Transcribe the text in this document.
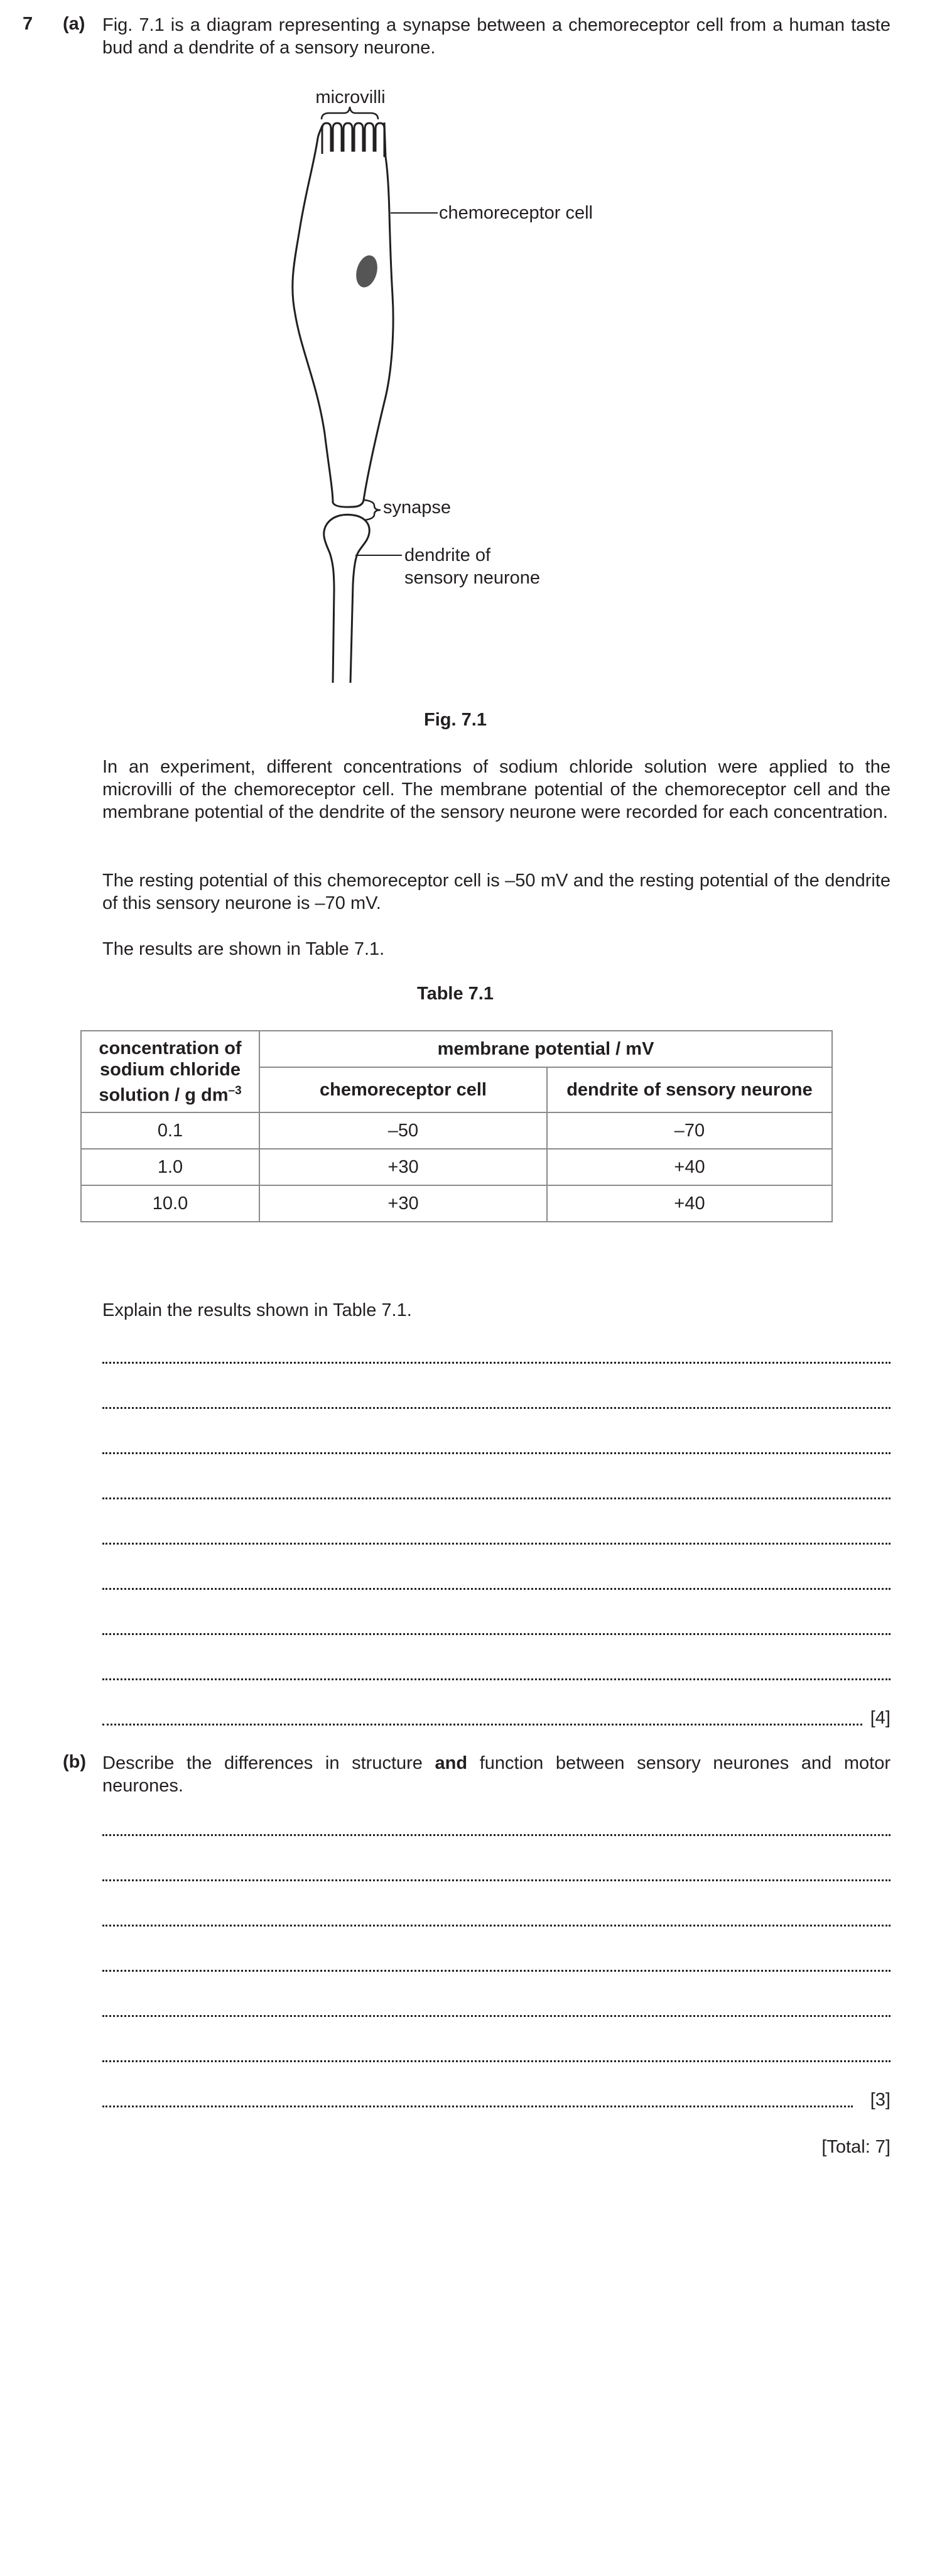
7 (a) Fig. 7.1 is a diagram representing a synapse between a chemoreceptor cell from a human taste bud and a dendrite of a sensory neurone.
microvilli
chemoreceptor cell
synapse
dendrite of
sensory neurone
Fig. 7.1
In an experiment, different concentrations of sodium chloride solution were applied to the microvilli of the chemoreceptor cell. The membrane potential of the chemoreceptor cell and the membrane potential of the dendrite of the sensory neurone were recorded for each concentration.
The resting potential of this chemoreceptor cell is –50 mV and the resting potential of the dendrite of this sensory neurone is –70 mV.
The results are shown in Table 7.1.
Table 7.1
concentration of
sodium chloride
solution / g $dm^{-3}$	membrane potential / mV	
	chemoreceptor cell	dendrite of sensory neurone
0.1	–50	–70
1.0	+30	+40
10.0	+30	+40
Explain the results shown in Table 7.1.
[4]
(b) Describe the differences in structure and function between sensory neurones and motor neurones.
[3]
[Total: 7]
